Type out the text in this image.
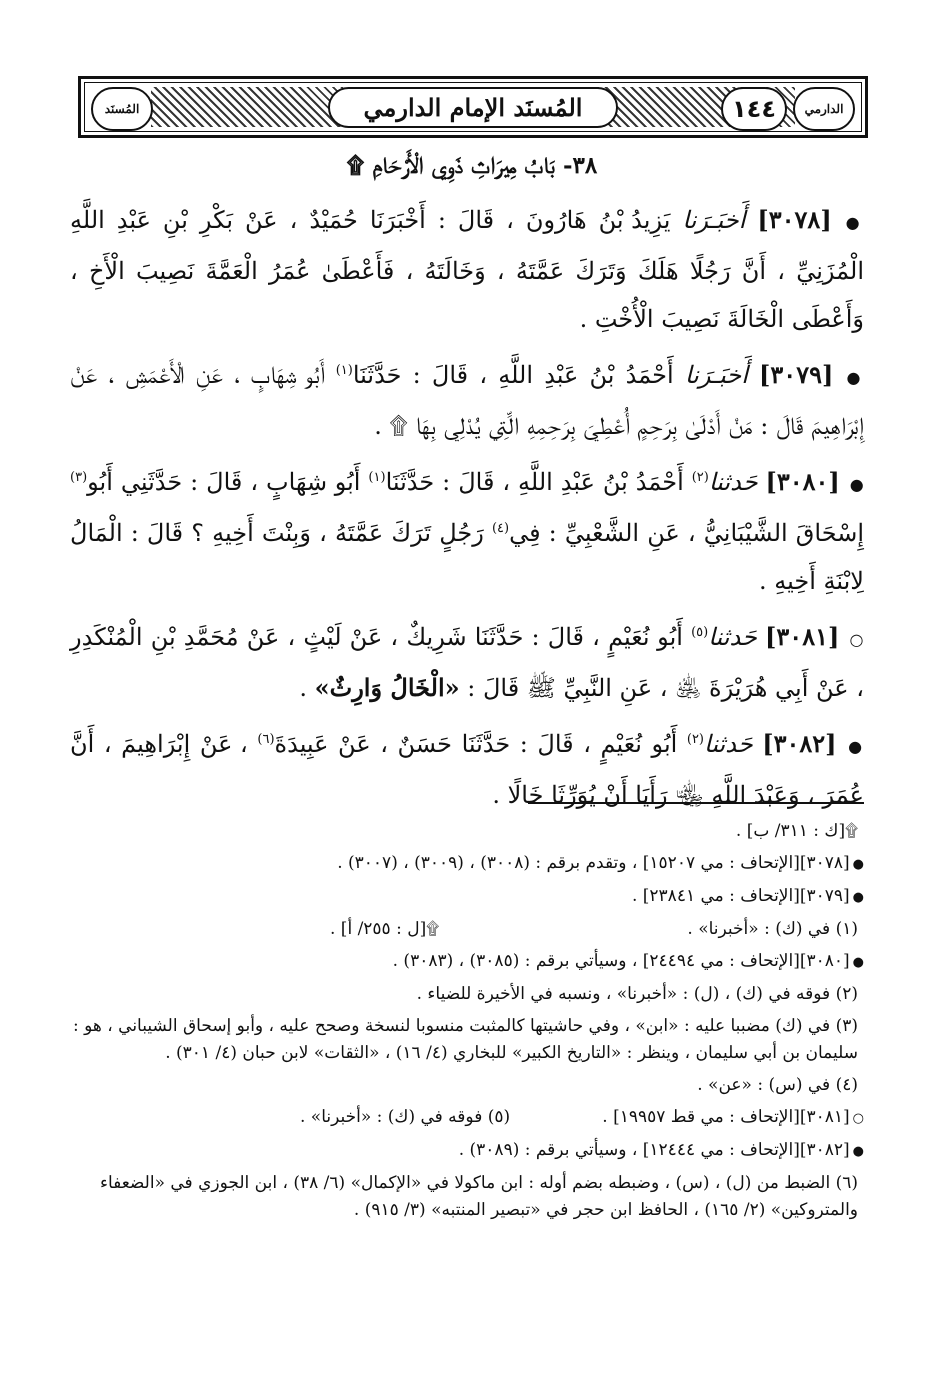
المُسنَد	الدارمي
١٤٤
المُسنَد الإمام الدارمي
٣٨- بَابُ مِيرَاثِ ذَوِي الْأَرْحَامِ ۩

● [٣٠٧٨] أَخبَـرَنا يَزِيدُ بْنُ هَارُونَ ، قَالَ : أَخْبَرَنَا حُمَيْدٌ ، عَنْ بَكْرِ بْنِ عَبْدِ اللَّهِ الْمُزَنِيِّ ، أَنَّ رَجُلًا هَلَكَ وَتَرَكَ عَمَّتَهُ ، وَخَالَتَهُ ، فَأَعْطَىٰ عُمَرُ الْعَمَّةَ نَصِيبَ الْأَخِ ، وَأَعْطَى الْخَالَةَ نَصِيبَ الْأُخْتِ .

● [٣٠٧٩] أَخبَـرَنا أَحْمَدُ بْنُ عَبْدِ اللَّهِ ، قَالَ : حَدَّثَنَا$^{(١)}$ أَبُو شِهَابٍ ، عَنِ الْأَعْمَشِ ، عَنْ إِبْرَاهِيمَ قَالَ : مَنْ أَدْلَىٰ بِرَحِمٍ أُعْطِيَ بِرَحِمِهِ الَّتِي يُدْلِي بِهَا ۩ .

● [٣٠٨٠] حَدثنا$^{(٢)}$ أَحْمَدُ بْنُ عَبْدِ اللَّهِ ، قَالَ : حَدَّثَنَا$^{(١)}$ أَبُو شِهَابٍ ، قَالَ : حَدَّثَنِي أَبُو$^{(٣)}$ إِسْحَاقَ الشَّيْبَانِيُّ ، عَنِ الشَّعْبِيِّ : فِي$^{(٤)}$ رَجُلٍ تَرَكَ عَمَّتَهُ ، وَبِنْتَ أَخِيهِ ؟ قَالَ : الْمَالُ لِابْنَةِ أَخِيهِ .

○ [٣٠٨١] حَدثنا$^{(٥)}$ أَبُو نُعَيْمٍ ، قَالَ : حَدَّثَنَا شَرِيكٌ ، عَنْ لَيْثٍ ، عَنْ مُحَمَّدِ بْنِ الْمُنْكَدِرِ ، عَنْ أَبِي هُرَيْرَةَ ﵁ ، عَنِ النَّبِيِّ ﷺ قَالَ : «الْخَالُ وَارِثٌ» .

● [٣٠٨٢] حَدثنا$^{(٢)}$ أَبُو نُعَيْمٍ ، قَالَ : حَدَّثَنَا حَسَنٌ ، عَنْ عَبِيدَةَ$^{(٦)}$ ، عَنْ إِبْرَاهِيمَ ، أَنَّ عُمَرَ ، وَعَبْدَ اللَّهِ ﵄ رَأَيَا أَنْ يُوَرِّثَا خَالًا .

۩[ك : ٣١١/ ب] .

●[٣٠٧٨][الإتحاف : مي ١٥٢٠٧] ، وتقدم برقم : (٣٠٠٨) ، (٣٠٠٩) ، (٣٠٠٧) .

●[٣٠٧٩][الإتحاف : مي ٢٣٨٤١] .

(١) في (ك) : «أخبرنا» .
۩[ل : ٢٥٥/ أ] .

●[٣٠٨٠][الإتحاف : مي ٢٤٤٩٤] ، وسيأتي برقم : (٣٠٨٥) ، (٣٠٨٣) .

(٢) فوقه في (ك) ، (ل) : «أخبرنا» ، ونسبه في الأخيرة للضياء .

(٣) في (ك) مضببا عليه : «ابن» ، وفي حاشيتها كالمثبت منسوبا لنسخة وصحح عليه ، وأبو إسحاق الشيباني ، هو : سليمان بن أبي سليمان ، وينظر : «التاريخ الكبير» للبخاري (٤/ ١٦) ، «الثقات» لابن حبان (٤/ ٣٠١) .

(٤) في (س) : «عن» .

○[٣٠٨١][الإتحاف : مي قط ١٩٩٥٧] .
(٥) فوقه في (ك) : «أخبرنا» .

●[٣٠٨٢][الإتحاف : مي ١٢٤٤٤] ، وسيأتي برقم : (٣٠٨٩) .

(٦) الضبط من (ل) ، (س) ، وضبطه بضم أوله : ابن ماكولا في «الإكمال» (٦/ ٣٨) ، ابن الجوزي في «الضعفاء والمتروكين» (٢/ ١٦٥) ، الحافظ ابن حجر في «تبصير المنتبه» (٣/ ٩١٥) .
